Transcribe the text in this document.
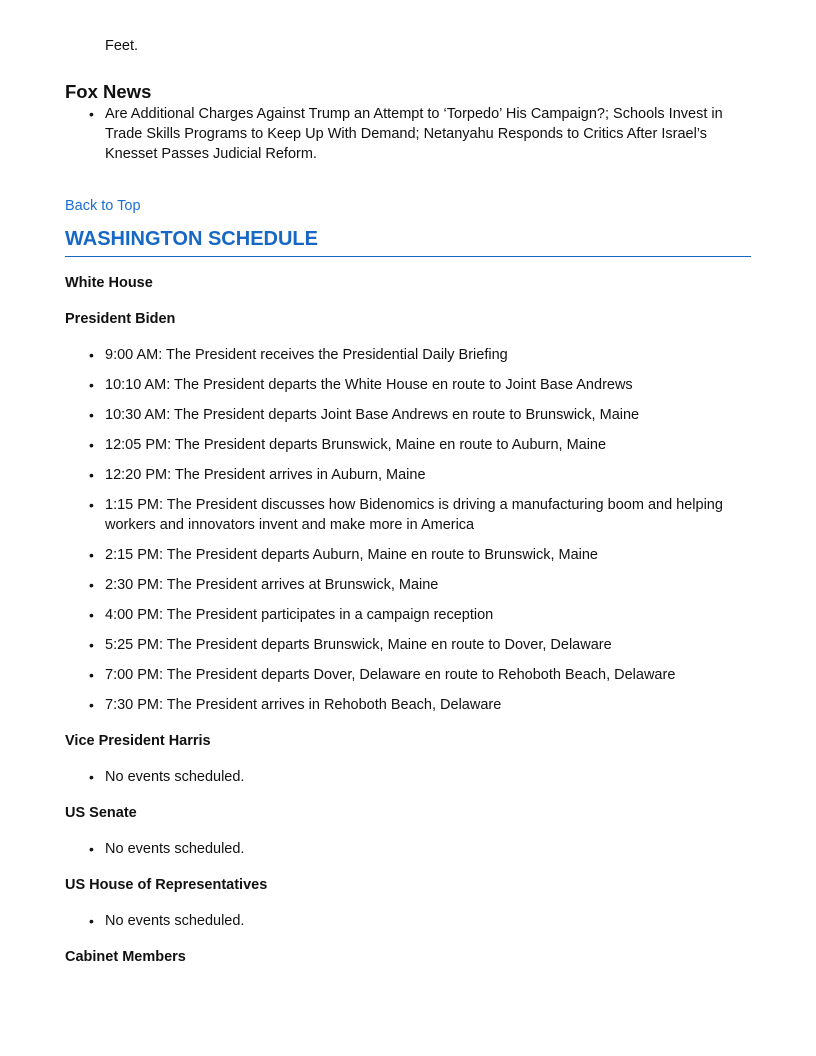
Feet.

Fox News
• Are Additional Charges Against Trump an Attempt to ‘Torpedo’ His Campaign?; Schools Invest in Trade Skills Programs to Keep Up With Demand; Netanyahu Responds to Critics After Israel’s Knesset Passes Judicial Reform.
Back to Top
WASHINGTON SCHEDULE

White House

President Biden

• 9:00 AM: The President receives the Presidential Daily Briefing
• 10:10 AM: The President departs the White House en route to Joint Base Andrews
• 10:30 AM: The President departs Joint Base Andrews en route to Brunswick, Maine
• 12:05 PM: The President departs Brunswick, Maine en route to Auburn, Maine
• 12:20 PM: The President arrives in Auburn, Maine
• 1:15 PM: The President discusses how Bidenomics is driving a manufacturing boom and helping workers and innovators invent and make more in America
• 2:15 PM: The President departs Auburn, Maine en route to Brunswick, Maine
• 2:30 PM: The President arrives at Brunswick, Maine
• 4:00 PM: The President participates in a campaign reception
• 5:25 PM: The President departs Brunswick, Maine en route to Dover, Delaware
• 7:00 PM: The President departs Dover, Delaware en route to Rehoboth Beach, Delaware
• 7:30 PM: The President arrives in Rehoboth Beach, Delaware

Vice President Harris

• No events scheduled.

US Senate

• No events scheduled.

US House of Representatives

• No events scheduled.

Cabinet Members
